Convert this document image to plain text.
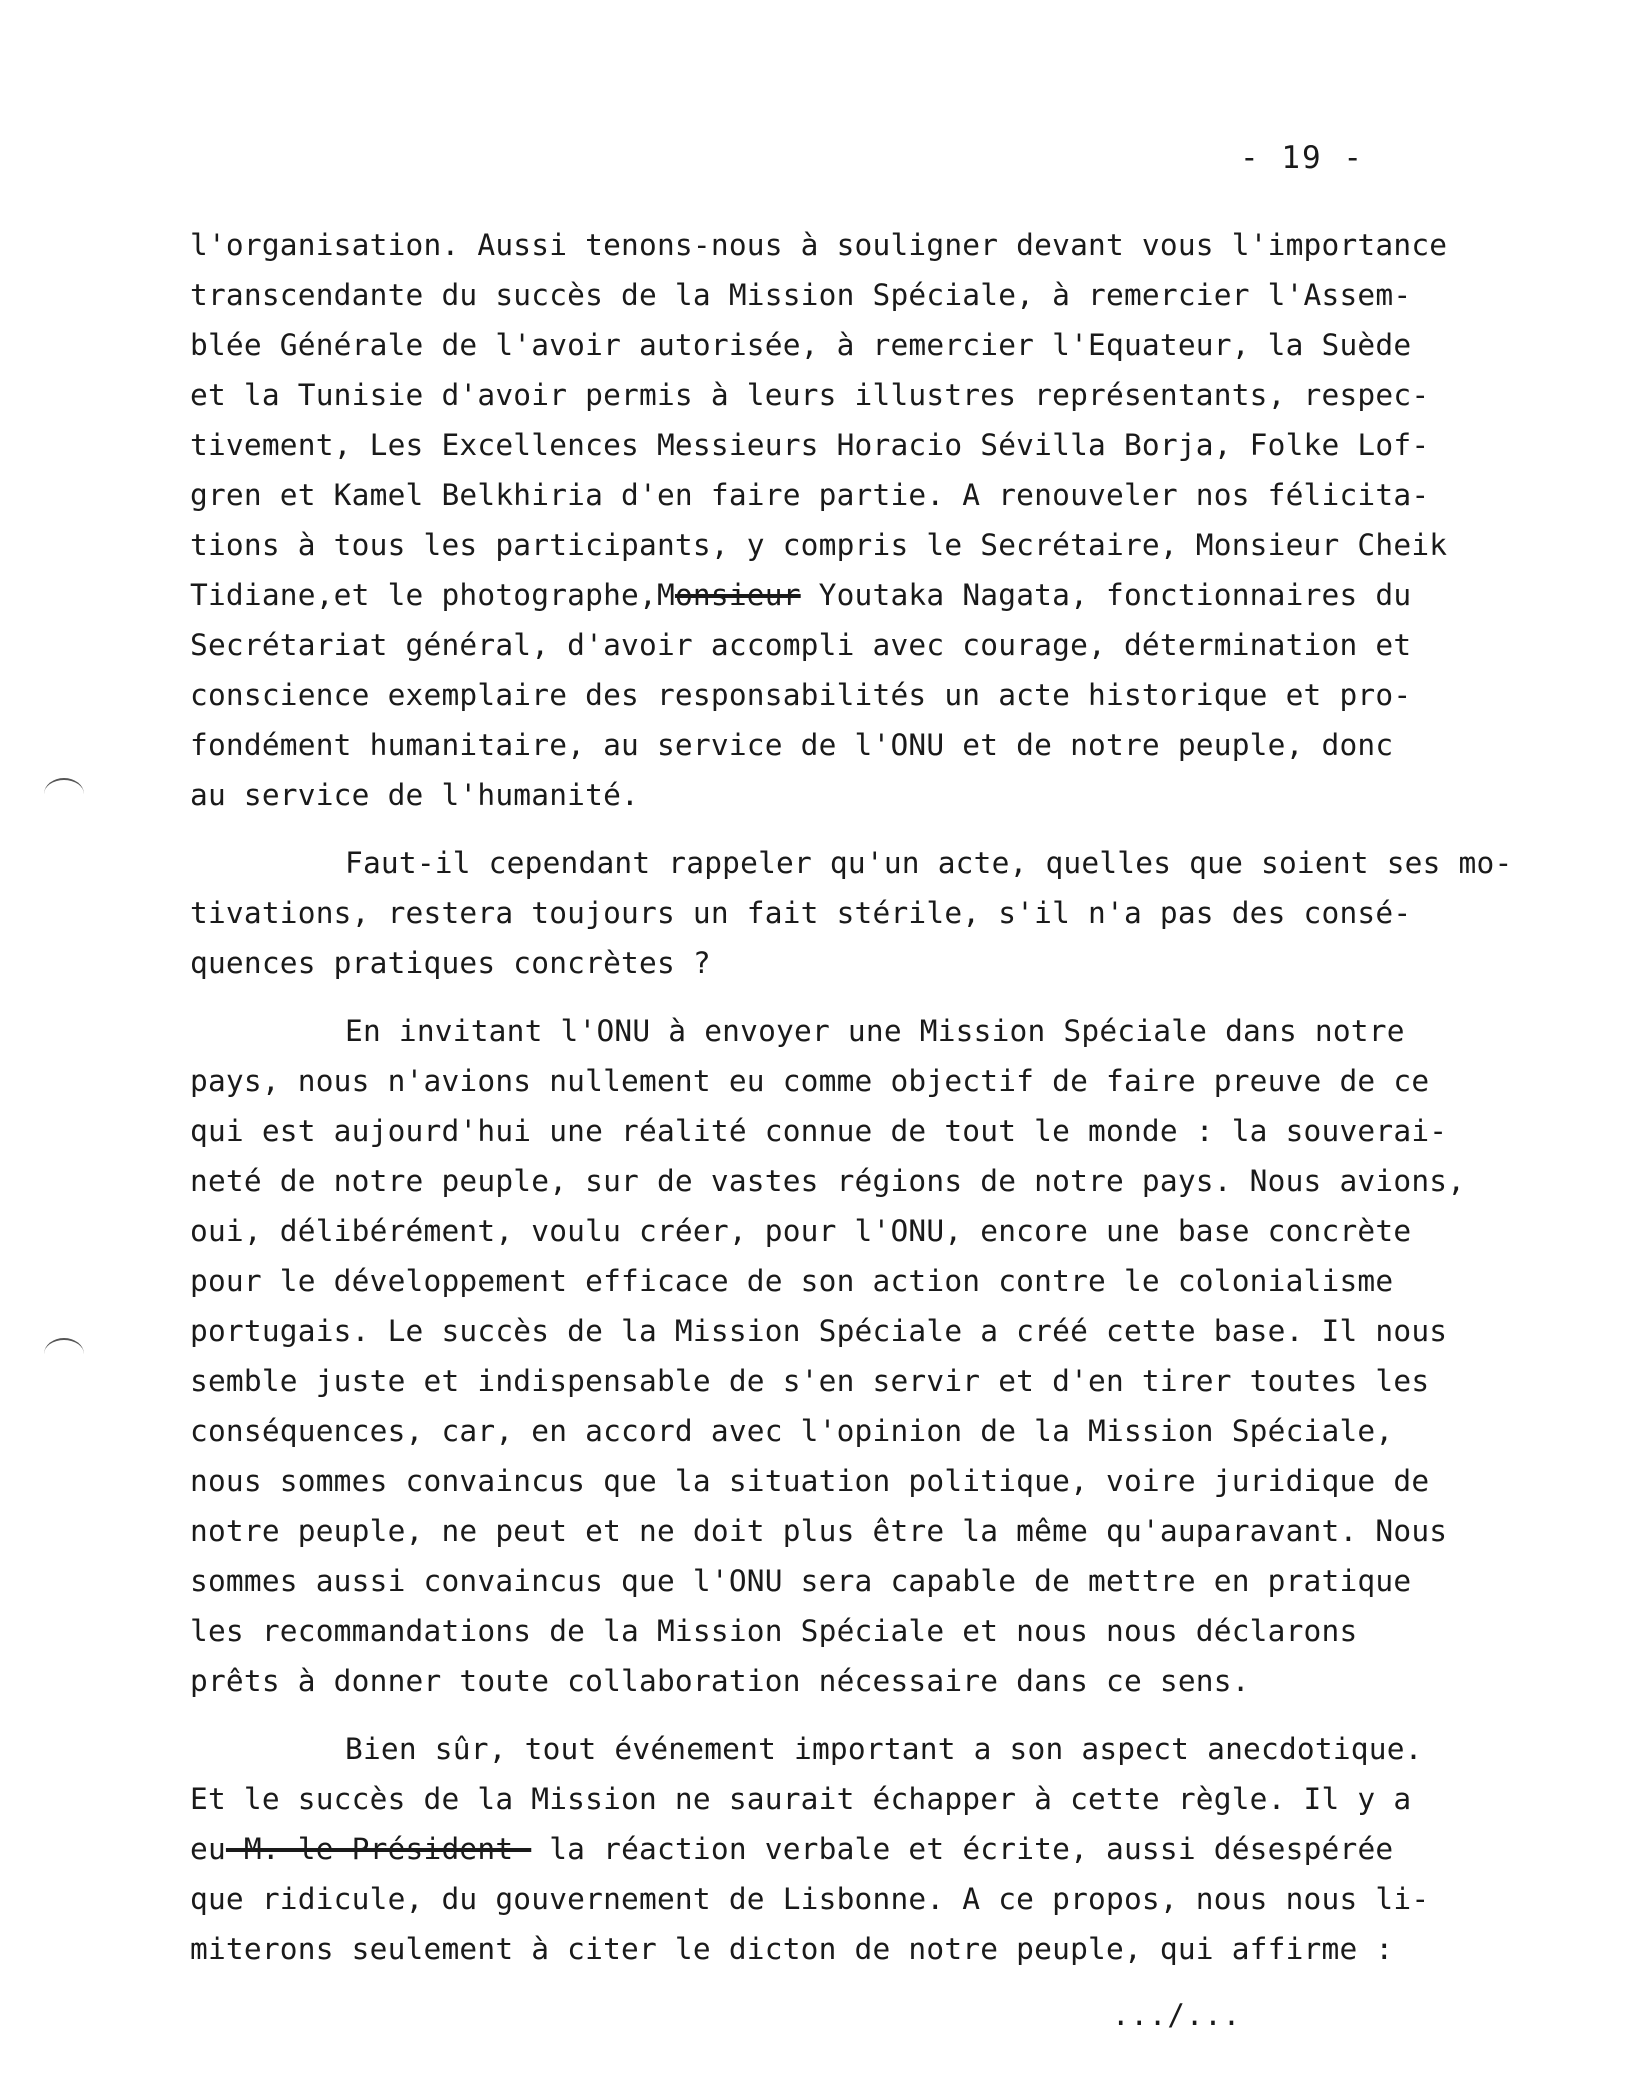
- 19 -
l'organisation. Aussi tenons-nous à souligner devant vous l'importance
transcendante du succès de la Mission Spéciale, à remercier l'Assem-
blée Générale de l'avoir autorisée, à remercier l'Equateur, la Suède
et la Tunisie d'avoir permis à leurs illustres représentants, respec-
tivement, Les Excellences Messieurs Horacio Sévilla Borja, Folke Lof-
gren et Kamel Belkhiria d'en faire partie. A renouveler nos félicita-
tions à tous les participants, y compris le Secrétaire, Monsieur Cheik
Tidiane,et le photographe,Monsieur Youtaka Nagata, fonctionnaires du
Secrétariat général, d'avoir accompli avec courage, détermination et
conscience exemplaire des responsabilités un acte historique et pro-
fondément humanitaire, au service de l'ONU et de notre peuple, donc
au service de l'humanité.
Faut-il cependant rappeler qu'un acte, quelles que soient ses mo-
tivations, restera toujours un fait stérile, s'il n'a pas des consé-
quences pratiques concrètes ?
En invitant l'ONU à envoyer une Mission Spéciale dans notre
pays, nous n'avions nullement eu comme objectif de faire preuve de ce
qui est aujourd'hui une réalité connue de tout le monde : la souverai-
neté de notre peuple, sur de vastes régions de notre pays. Nous avions,
oui, délibérément, voulu créer, pour l'ONU, encore une base concrète
pour le développement efficace de son action contre le colonialisme
portugais. Le succès de la Mission Spéciale a créé cette base. Il nous
semble juste et indispensable de s'en servir et d'en tirer toutes les
conséquences, car, en accord avec l'opinion de la Mission Spéciale,
nous sommes convaincus que la situation politique, voire juridique de
notre peuple, ne peut et ne doit plus être la même qu'auparavant. Nous
sommes aussi convaincus que l'ONU sera capable de mettre en pratique
les recommandations de la Mission Spéciale et nous nous déclarons
prêts à donner toute collaboration nécessaire dans ce sens.
Bien sûr, tout événement important a son aspect anecdotique.
Et le succès de la Mission ne saurait échapper à cette règle. Il y a
eu M. le Président  la réaction verbale et écrite, aussi désespérée
que ridicule, du gouvernement de Lisbonne. A ce propos, nous nous li-
miterons seulement à citer le dicton de notre peuple, qui affirme :
.../...
